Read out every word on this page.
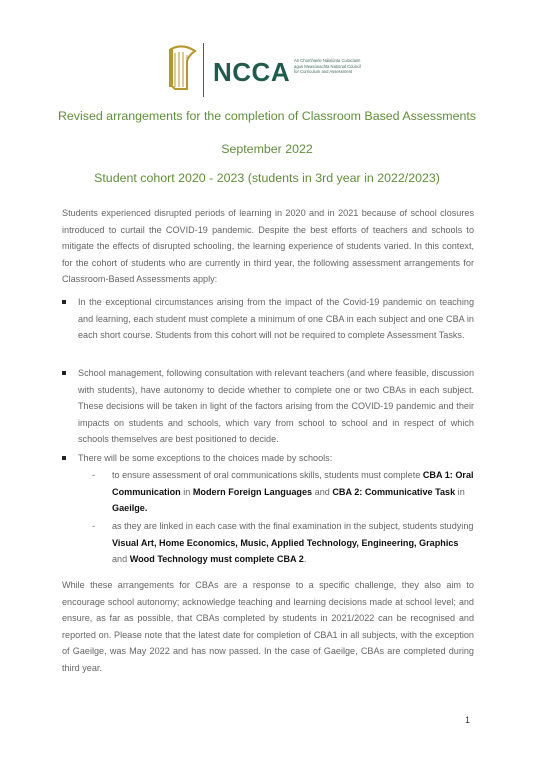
NCCA An Chomhairle Náisiúnta Curaclaim agus Measúnachta National Council for Curriculum and Assessment
Revised arrangements for the completion of Classroom Based Assessments
September 2022
Student cohort 2020 - 2023 (students in 3rd year in 2022/2023)
Students experienced disrupted periods of learning in 2020 and in 2021 because of school closures introduced to curtail the COVID-19 pandemic. Despite the best efforts of teachers and schools to mitigate the effects of disrupted schooling, the learning experience of students varied. In this context, for the cohort of students who are currently in third year, the following assessment arrangements for Classroom-Based Assessments apply:
In the exceptional circumstances arising from the impact of the Covid-19 pandemic on teaching and learning, each student must complete a minimum of one CBA in each subject and one CBA in each short course. Students from this cohort will not be required to complete Assessment Tasks.
School management, following consultation with relevant teachers (and where feasible, discussion with students), have autonomy to decide whether to complete one or two CBAs in each subject. These decisions will be taken in light of the factors arising from the COVID-19 pandemic and their impacts on students and schools, which vary from school to school and in respect of which schools themselves are best positioned to decide.
There will be some exceptions to the choices made by schools:
- to ensure assessment of oral communications skills, students must complete CBA 1: Oral Communication in Modern Foreign Languages and CBA 2: Communicative Task in Gaeilge.
- as they are linked in each case with the final examination in the subject, students studying Visual Art, Home Economics, Music, Applied Technology, Engineering, Graphics and Wood Technology must complete CBA 2.
While these arrangements for CBAs are a response to a specific challenge, they also aim to encourage school autonomy; acknowledge teaching and learning decisions made at school level; and ensure, as far as possible, that CBAs completed by students in 2021/2022 can be recognised and reported on. Please note that the latest date for completion of CBA1 in all subjects, with the exception of Gaeilge, was May 2022 and has now passed. In the case of Gaeilge, CBAs are completed during third year.
1
